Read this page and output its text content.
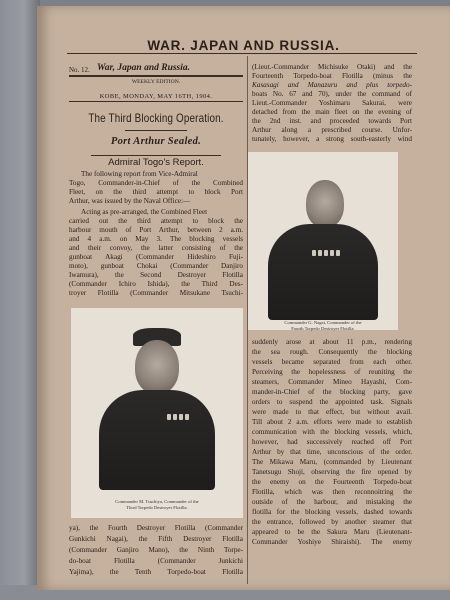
WAR. JAPAN AND RUSSIA.
No. 12. War, Japan and Russia.
WEEKLY EDITION.
KOBE, MONDAY, MAY 16TH, 1904.
The Third Blocking Operation.
Port Arthur Sealed.
Admiral Togo's Report.
The following report from Vice-Admiral
Togo, Commander-in-Chief of the Combined
Fleet, on the third attempt to block Port
Arthur, was issued by the Naval Office:—
Acting as pre-arranged, the Combined Fleet
carried out the third attempt to block the
harbour mouth of Port Arthur, between 2 a.m.
and 4 a.m. on May 3. The blocking vessels
and their convoy, the latter consisting of the
gunboat Akagi (Commander Hideshiro Fuji-
moto), gunboat Chokai (Commander Danjiro
Iwamura), the Second Destroyer Flotilla
(Commander Ichiro Ishida), the Third Des-
troyer Flotilla (Commander Mitsukane Tsuchi-
Commander M. Tsuchiya, Commander of the
Third Torpedo Destroyer Flotilla.
ya), the Fourth Destroyer Flotilla (Commander
Gunkichi Nagai), the Fifth Destroyer Flotilla
(Commander Ganjiro Mano), the Ninth Torpe-
do-boat Flotilla (Commander Junkichi
Yajima), the Tenth Torpedo-boat Flotilla
(Lieut.-Commander Michisuke Otaki) and the
Fourteenth Torpedo-boat Flotilla (minus the
Kasasagi and Manazuru and plus torpedo-
boats No. 67 and 70), under the command of
Lieut.-Commander Yoshimaru Sakurai, were
detached from the main fleet on the evening of
the 2nd inst. and proceeded towards Port
Arthur along a prescribed course. Unfor-
tunately, however, a strong south-easterly wind
Commander G. Nagai, Commander of the
Fourth Torpedo Destroyer Flotilla.
suddenly arose at about 11 p.m., rendering
the sea rough. Consequently the blocking
vessels became separated from each other.
Perceiving the hopelessness of reuniting the
steamers, Commander Mineo Hayashi, Com-
mander-in-Chief of the blocking party, gave
orders to suspend the appointed task. Signals
were made to that effect, but without avail.
Till about 2 a.m. efforts were made to establish
communication with the blocking vessels, which,
however, had successively reached off Port
Arthur by that time, unconscious of the order.
The Mikawa Maru, (commanded by Lieutenant
Tanetsugu Shoji, observing the fire opened by
the enemy on the Fourteenth Torpedo-boat
Flotilla, which was then reconnoitring the
outside of the harbour, and mistaking the
flotilla for the blocking vessels, dashed towards
the entrance, followed by another steamer that
appeared to be the Sakura Maru (Lieutenant-
Commander Yoshiye Shiraishi). The enemy
